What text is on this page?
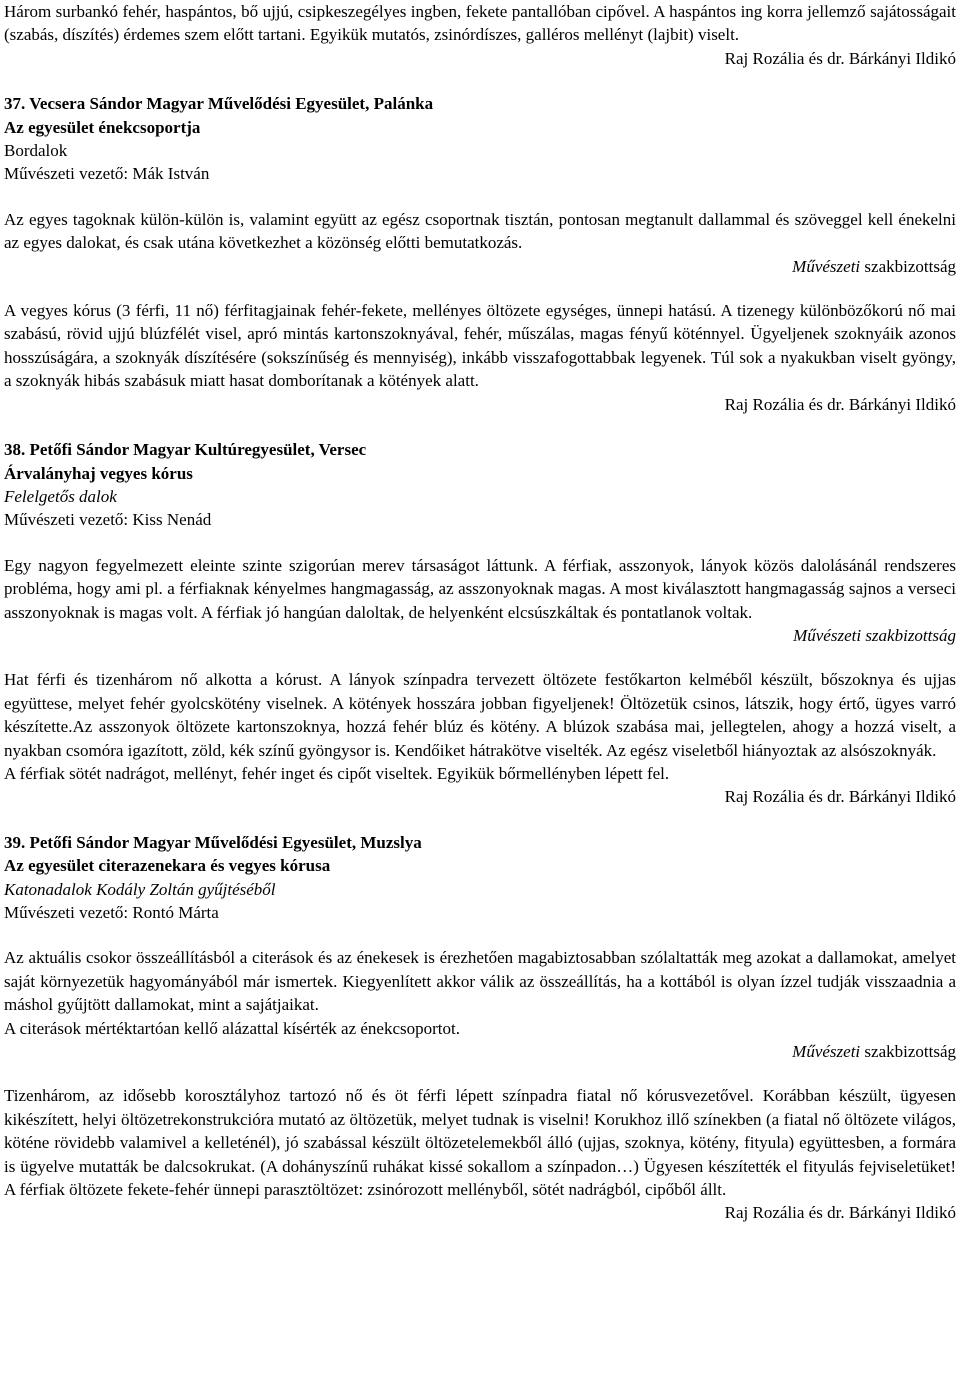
Három surbankó fehér, haspántos, bő ujjú, csipkeszegélyes ingben, fekete pantallóban cipővel. A haspántos ing korra jellemző sajátosságait (szabás, díszítés) érdemes szem előtt tartani. Egyikük mutatós, zsinórdíszes, galléros mellényt (lajbit) viselt.

Raj Rozália és dr. Bárkányi Ildikó

37. Vecsera Sándor Magyar Művelődési Egyesület, Palánka

Az egyesület énekcsoportja

Bordalok

Művészeti vezető: Mák István

Az egyes tagoknak külön-külön is, valamint együtt az egész csoportnak tisztán, pontosan megtanult dallammal és szöveggel kell énekelni az egyes dalokat, és csak utána következhet a közönség előtti bemutatkozás.

Művészeti szakbizottság

A vegyes kórus (3 férfi, 11 nő) férfitagjainak fehér-fekete, mellényes öltözete egységes, ünnepi hatású. A tizenegy különbözőkorú nő mai szabású, rövid ujjú blúzfélét visel, apró mintás kartonszoknyával, fehér, műszálas, magas fényű köténnyel. Ügyeljenek szoknyáik azonos hosszúságára, a szoknyák díszítésére (sokszínűség és mennyiség), inkább visszafogottabbak legyenek. Túl sok a nyakukban viselt gyöngy, a szoknyák hibás szabásuk miatt hasat domborítanak a kötények alatt.

Raj Rozália és dr. Bárkányi Ildikó

38. Petőfi Sándor Magyar Kultúregyesület, Versec

Árvalányhaj vegyes kórus

Felelgetős dalok

Művészeti vezető: Kiss Nenád

Egy nagyon fegyelmezett eleinte szinte szigorúan merev társaságot láttunk. A férfiak, asszonyok, lányok közös dalolásánál rendszeres probléma, hogy ami pl. a férfiaknak kényelmes hangmagasság, az asszonyoknak magas. A most kiválasztott hangmagasság sajnos a verseci asszonyoknak is magas volt. A férfiak jó hangúan daloltak, de helyenként elcsúszkáltak és pontatlanok voltak.

Művészeti szakbizottság

Hat férfi és tizenhárom nő alkotta a kórust. A lányok színpadra tervezett öltözete festőkarton kelméből készült, bőszoknya és ujjas együttese, melyet fehér gyolcskötény viselnek. A kötények hosszára jobban figyeljenek! Öltözetük csinos, látszik, hogy értő, ügyes varró készítette.Az asszonyok öltözete kartonszoknya, hozzá fehér blúz és kötény. A blúzok szabása mai, jellegtelen, ahogy a hozzá viselt, a nyakban csomóra igazított, zöld, kék színű gyöngysor is. Kendőiket hátrakötve viselték. Az egész viseletből hiányoztak az alsószoknyák.

A férfiak sötét nadrágot, mellényt, fehér inget és cipőt viseltek. Egyikük bőrmellényben lépett fel.

Raj Rozália és dr. Bárkányi Ildikó

39. Petőfi Sándor Magyar Művelődési Egyesület, Muzslya

Az egyesület citerazenekara és vegyes kórusa

Katonadalok Kodály Zoltán gyűjtéséből

Művészeti vezető: Rontó Márta

Az aktuális csokor összeállításból a citerások és az énekesek is érezhetően magabiztosabban szólaltatták meg azokat a dallamokat, amelyet saját környezetük hagyományából már ismertek. Kiegyenlített akkor válik az összeállítás, ha a kottából is olyan ízzel tudják visszaadnia a máshol gyűjtött dallamokat, mint a sajátjaikat.

A citerások mértéktartóan kellő alázattal kísérték az énekcsoportot.

Művészeti szakbizottság

Tizenhárom, az idősebb korosztályhoz tartozó nő és öt férfi lépett színpadra fiatal nő kórusvezetővel. Korábban készült, ügyesen kikészített, helyi öltözetrekonstrukcióra mutató az öltözetük, melyet tudnak is viselni! Korukhoz illő színekben (a fiatal nő öltözete világos, köténe rövidebb valamivel a kelleténél), jó szabással készült öltözetelemekből álló (ujjas, szoknya, kötény, fityula) együttesben, a formára is ügyelve mutatták be dalcsokrukat. (A dohányszínű ruhákat kissé sokallom a színpadon…) Ügyesen készítették el fityulás fejviseletüket! A férfiak öltözete fekete-fehér ünnepi parasztöltözet: zsinórozott mellényből, sötét nadrágból, cipőből állt.

Raj Rozália és dr. Bárkányi Ildikó
